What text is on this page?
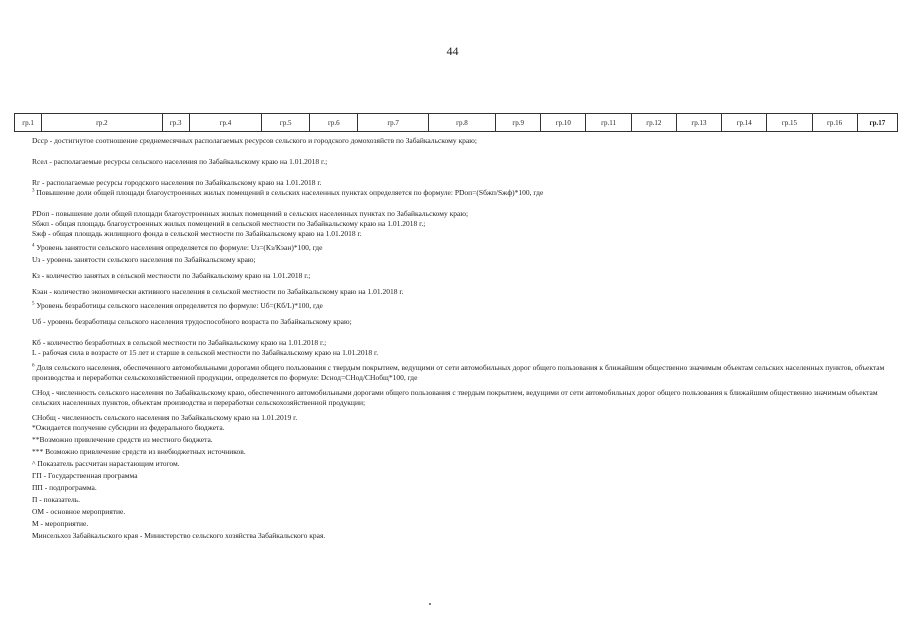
44
гр.1	гр.2	гр.3	гр.4	гр.5	гр.6	гр.7	гр.8	гр.9	гр.10	гр.11	гр.12	гр.13	гр.14	гр.15	гр.16	гр.17

Dсср - достигнутое соотношение среднемесячных располагаемых ресурсов сельского и городского домохозяйств по Забайкальскому краю;

Rсел - располагаемые ресурсы сельского населения по Забайкальскому краю на 1.01.2018 г.;

Rг - располагаемые ресурсы городского населения по Забайкальскому краю на 1.01.2018 г.

$^3$ Повышение доли общей площади благоустроенных жилых помещений в сельских населенных пунктах определяется по формуле: PDоп=(Sбжп/Sжф)*100, где

PDоп - повышение доли общей площади благоустроенных жилых помещений в сельских населенных пунктах по Забайкальскому краю;

Sбжп - общая площадь благоустроенных жилых помещений в сельской местности по Забайкальскому краю на 1.01.2018 г.;

Sжф - общая площадь жилищного фонда в сельской местности по Забайкальскому краю на 1.01.2018 г.

$^4$ Уровень занятости сельского населения определяется по формуле: Uз=(Кз/Кэан)*100, где

Uз - уровень занятости сельского населения по Забайкальскому краю;

Кз - количество занятых в сельской местности по Забайкальскому краю на 1.01.2018 г.;

Кэан - количество экономически активного населения в сельской местности по Забайкальскому краю на 1.01.2018 г.

$^5$ Уровень безработицы сельского населения определяется по формуле: Uб=(Кб/L)*100, где

Uб - уровень безработицы сельского населения трудоспособного возраста по Забайкальскому краю;

Кб - количество безработных в сельской местности по Забайкальскому краю на 1.01.2018 г.;

L - рабочая сила в возрасте от 15 лет и старше в сельской местности по Забайкальскому краю на 1.01.2018 г.

$^6$ Доля сельского населения, обеспеченного автомобильными дорогами общего пользования с твердым покрытием, ведущими от сети автомобильных дорог общего пользования к ближайшим общественно значимым объектам сельских населенных пунктов, объектам производства и переработки сельскохозяйственной продукции, определяется по формуле: Dснод=СНод/СНобщ*100, где

СНод - численность сельского населения по Забайкальскому краю, обеспеченного автомобильными дорогами общего пользования с твердым покрытием, ведущими от сети автомобильных дорог общего пользования к ближайшим общественно значимым объектам сельских населенных пунктов, объектам производства и переработки сельскохозяйственной продукции;

СНобщ - численность сельского населения по Забайкальскому краю на 1.01.2019 г.

*Ожидается получение субсидии из федерального бюджета.

**Возможно привлечение средств из местного бюджета.

*** Возможно привлечение средств из внебюджетных источников.

^ Показатель рассчитан нарастающим итогом.

ГП - Государственная программа

ПП - подпрограмма.

П - показатель.

ОМ - основное мероприятие.

М - мероприятие.

Минсельхоз Забайкальского края - Министерство сельского хозяйства Забайкальского края.
